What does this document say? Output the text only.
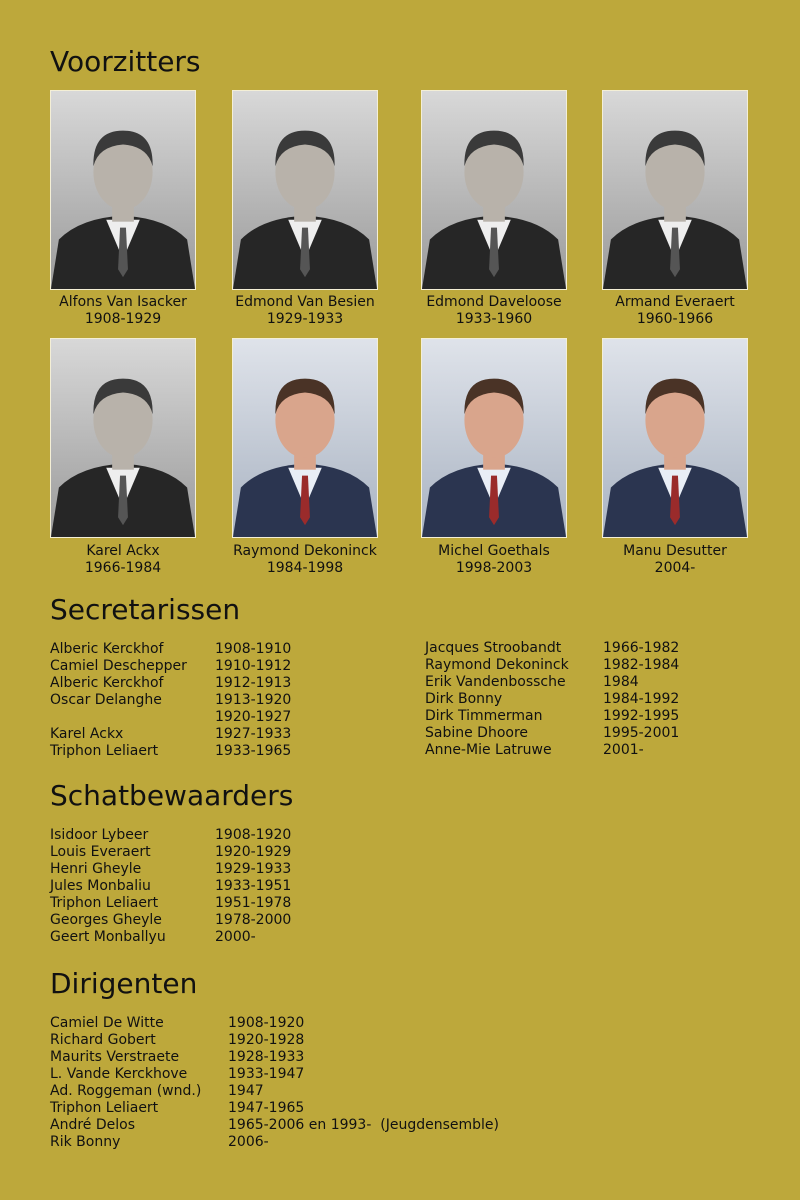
Voorzitters
Alfons Van Isacker
1908-1929
Edmond Van Besien
1929-1933
Edmond Daveloose
1933-1960
Armand Everaert
1960-1966
Karel Ackx
1966-1984
Raymond Dekoninck
1984-1998
Michel Goethals
1998-2003
Manu Desutter
2004-
Secretarissen
Alberic Kerckhof	1908-1910
Camiel Deschepper 1910-1912
Alberic Kerckhof	1912-1913
Oscar Delanghe	1913-1920
1920-1927
Karel Ackx	1927-1933
Triphon Leliaert	1933-1965
Jacques Stroobandt	1966-1982
Raymond Dekoninck 1982-1984
Erik Vandenbossche	1984
Dirk Bonny	1984-1992
Dirk Timmerman	1992-1995
Sabine Dhoore	1995-2001
Anne-Mie Latruwe	2001-
Schatbewaarders
Isidoor Lybeer	1908-1920
Louis Everaert	1920-1929
Henri Gheyle	1929-1933
Jules Monbaliu	1933-1951
Triphon Leliaert	1951-1978
Georges Gheyle	1978-2000
Geert Monballyu	2000-
Dirigenten
Camiel De Witte	1908-1920
Richard Gobert	1920-1928
Maurits Verstraete	1928-1933
L. Vande Kerckhove	1933-1947
Ad. Roggeman (wnd.) 1947
Triphon Leliaert	1947-1965
André Delos	1965-2006 en 1993-  (Jeugdensemble)
Rik Bonny	2006-
